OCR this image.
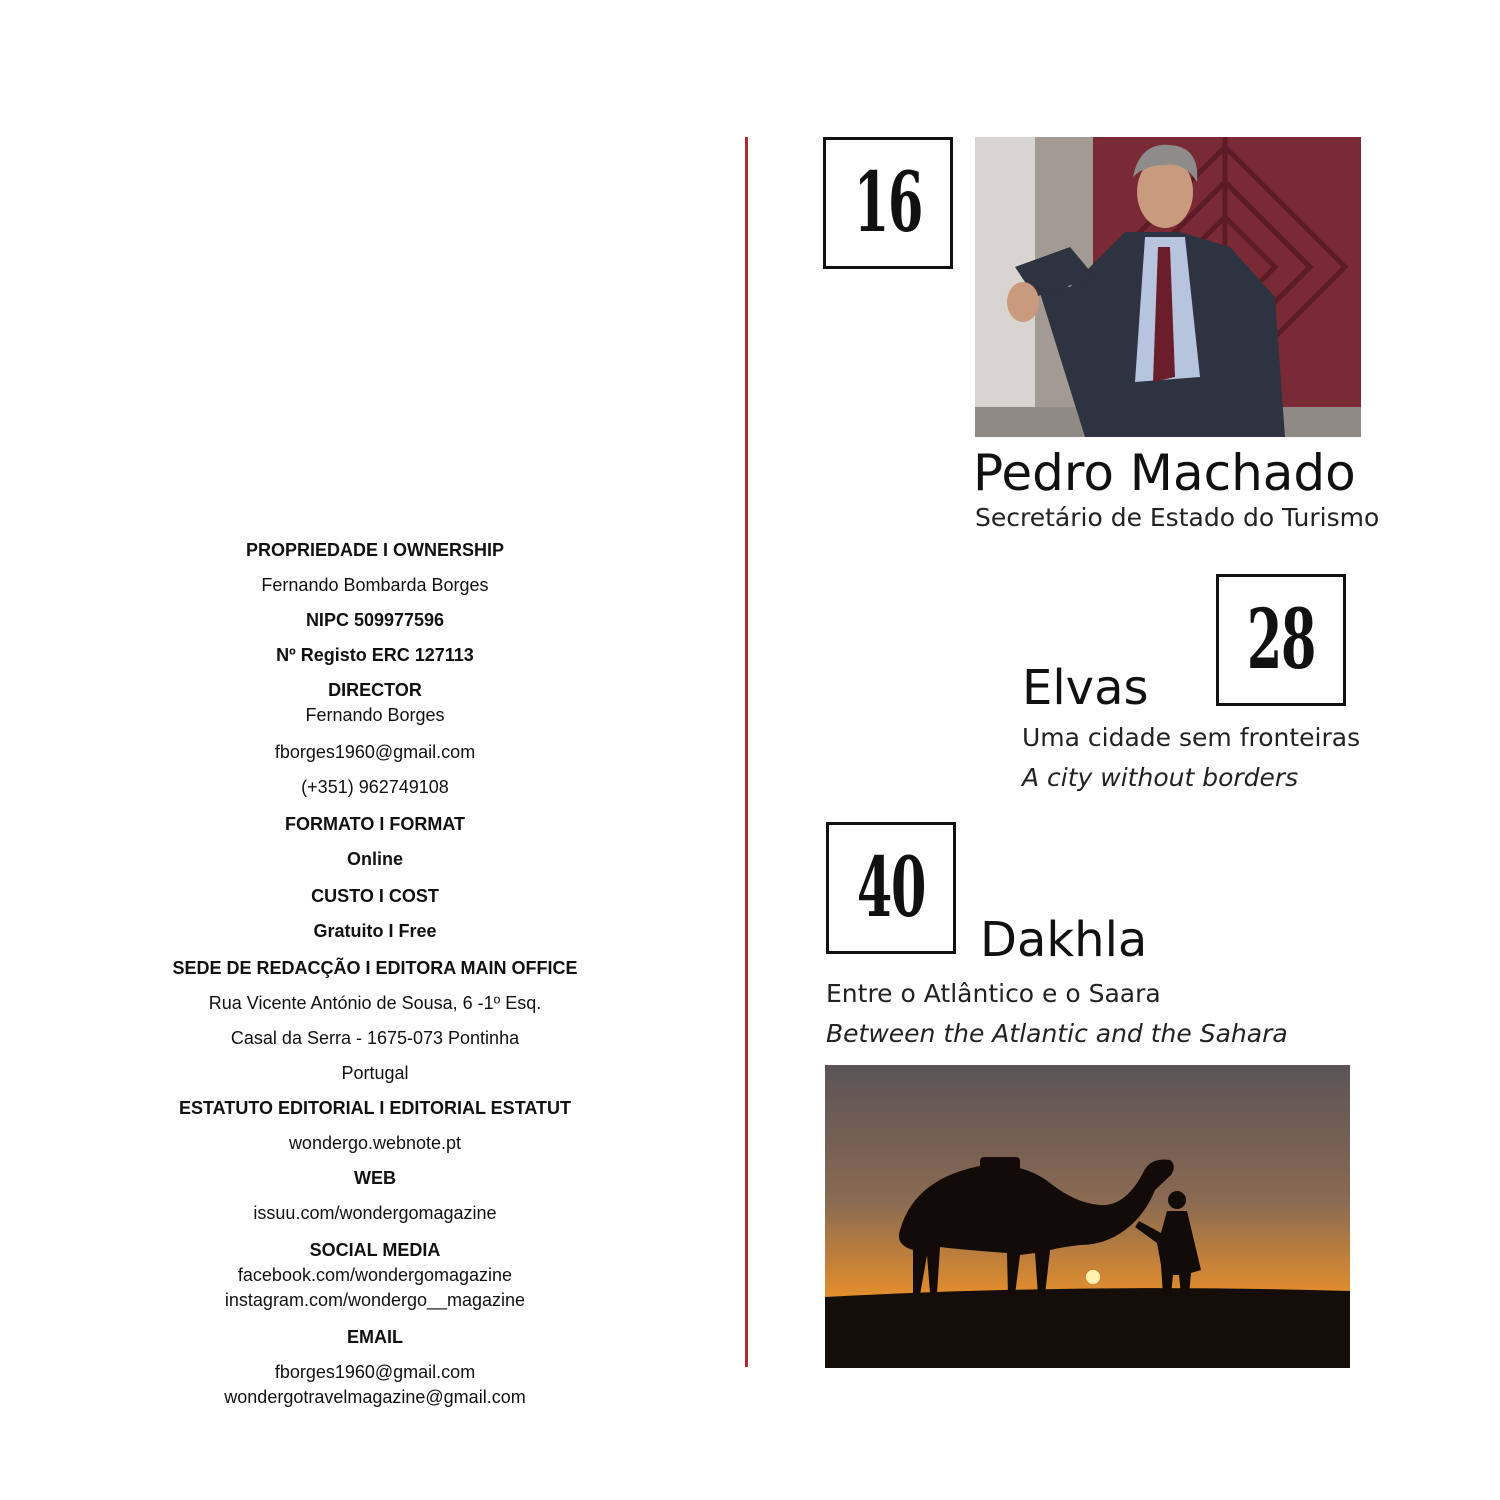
PROPRIEDADE I OWNERSHIP
Fernando Bombarda Borges
NIPC 509977596
Nº Registo ERC 127113
DIRECTOR
Fernando Borges
fborges1960@gmail.com
(+351) 962749108
FORMATO I FORMAT
Online
CUSTO I COST
Gratuito I Free
SEDE DE REDACÇÃO I EDITORA MAIN OFFICE
Rua Vicente António de Sousa, 6 -1º Esq.
Casal da Serra - 1675-073 Pontinha
Portugal
ESTATUTO EDITORIAL I EDITORIAL ESTATUT
wondergo.webnote.pt
WEB
issuu.com/wondergomagazine
SOCIAL MEDIA
facebook.com/wondergomagazine
instagram.com/wondergo__magazine
EMAIL
fborges1960@gmail.com
wondergotravelmagazine@gmail.com
16
Pedro Machado
Secretário de Estado do Turismo
28
Elvas
Uma cidade sem fronteiras
A city without borders
40
Dakhla
Entre o Atlântico e o Saara
Between the Atlantic and the Sahara
